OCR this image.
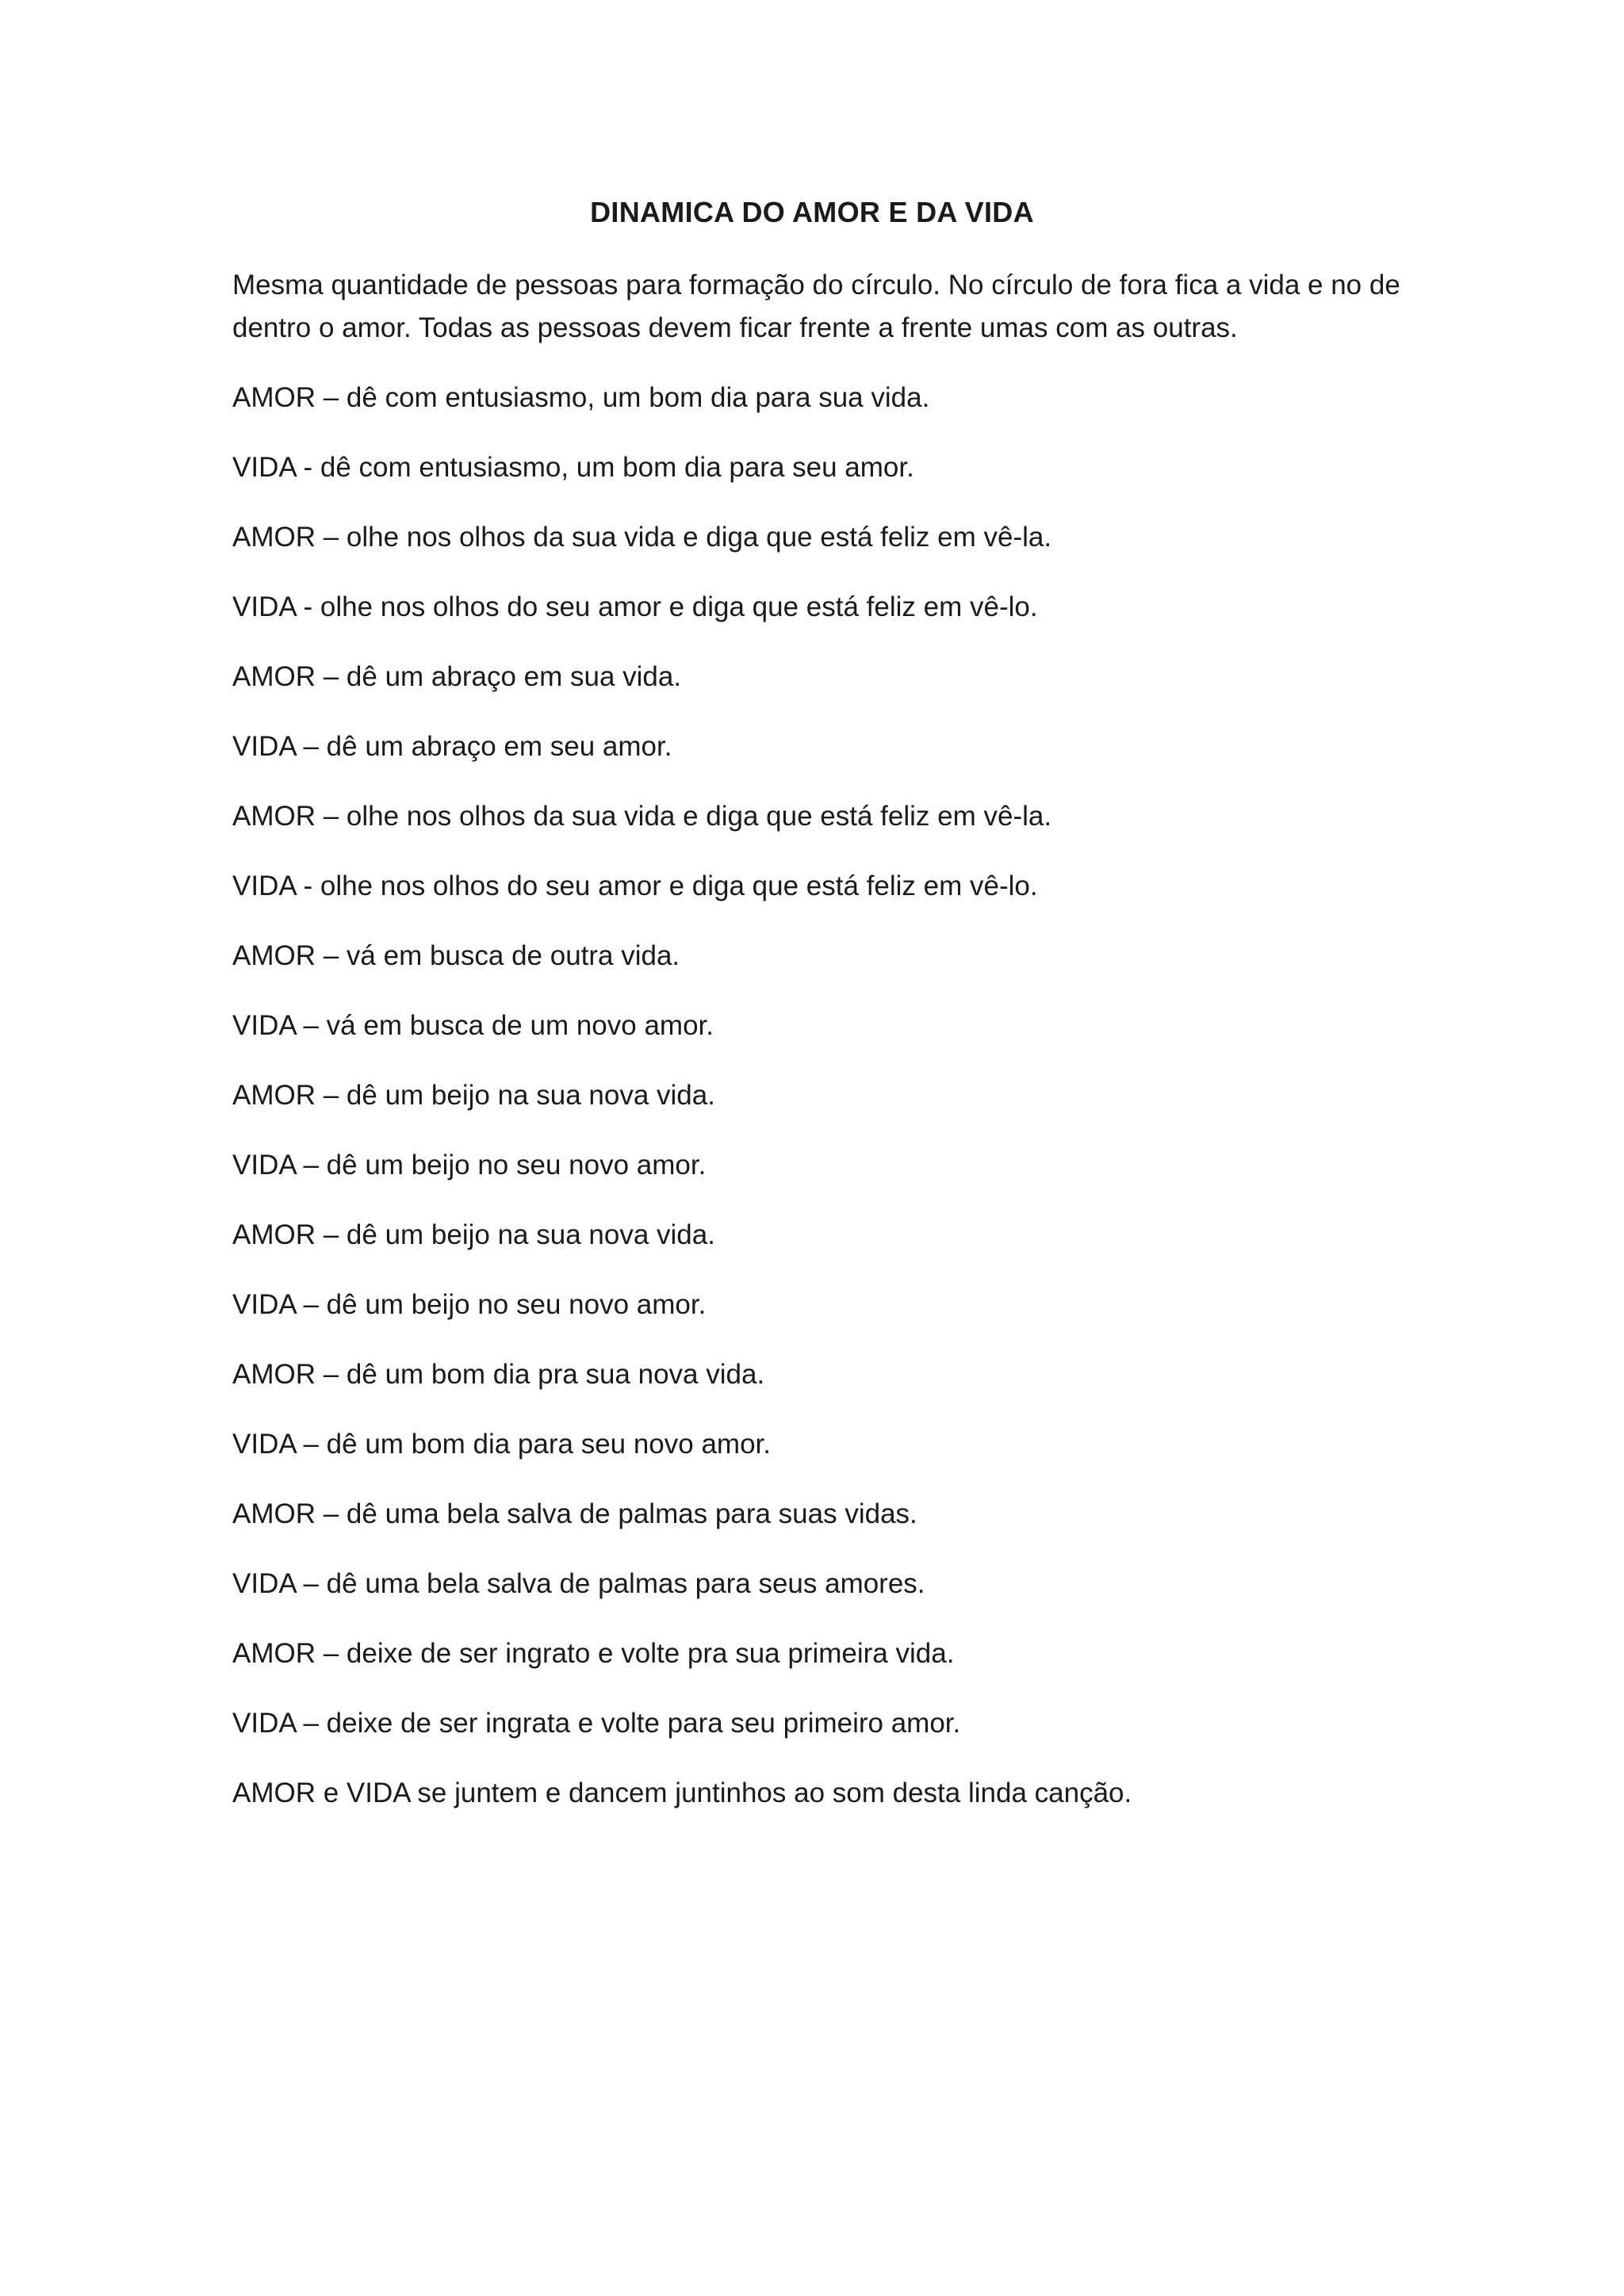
DINAMICA DO AMOR E DA VIDA
Mesma quantidade de pessoas para formação do círculo. No círculo de fora fica a vida e no de
dentro o amor. Todas as pessoas devem ficar frente a frente umas com as outras.
AMOR – dê com entusiasmo, um bom dia para sua vida.
VIDA - dê com entusiasmo, um bom dia para seu amor.
AMOR – olhe nos olhos da sua vida e diga que está feliz em vê-la.
VIDA - olhe nos olhos do seu amor e diga que está feliz em vê-lo.
AMOR – dê um abraço em sua vida.
VIDA – dê um abraço em seu amor.
AMOR – olhe nos olhos da sua vida e diga que está feliz em vê-la.
VIDA - olhe nos olhos do seu amor e diga que está feliz em vê-lo.
AMOR – vá em busca de outra vida.
VIDA – vá em busca de um novo amor.
AMOR – dê um beijo na sua nova vida.
VIDA – dê um beijo no seu novo amor.
AMOR – dê um beijo na sua nova vida.
VIDA – dê um beijo no seu novo amor.
AMOR – dê um bom dia pra sua nova vida.
VIDA – dê um bom dia para seu novo amor.
AMOR – dê uma bela salva de palmas para suas vidas.
VIDA – dê uma bela salva de palmas para seus amores.
AMOR – deixe de ser ingrato e volte pra sua primeira vida.
VIDA – deixe de ser ingrata e volte para seu primeiro amor.
AMOR e VIDA se juntem e dancem juntinhos ao som desta linda canção.
